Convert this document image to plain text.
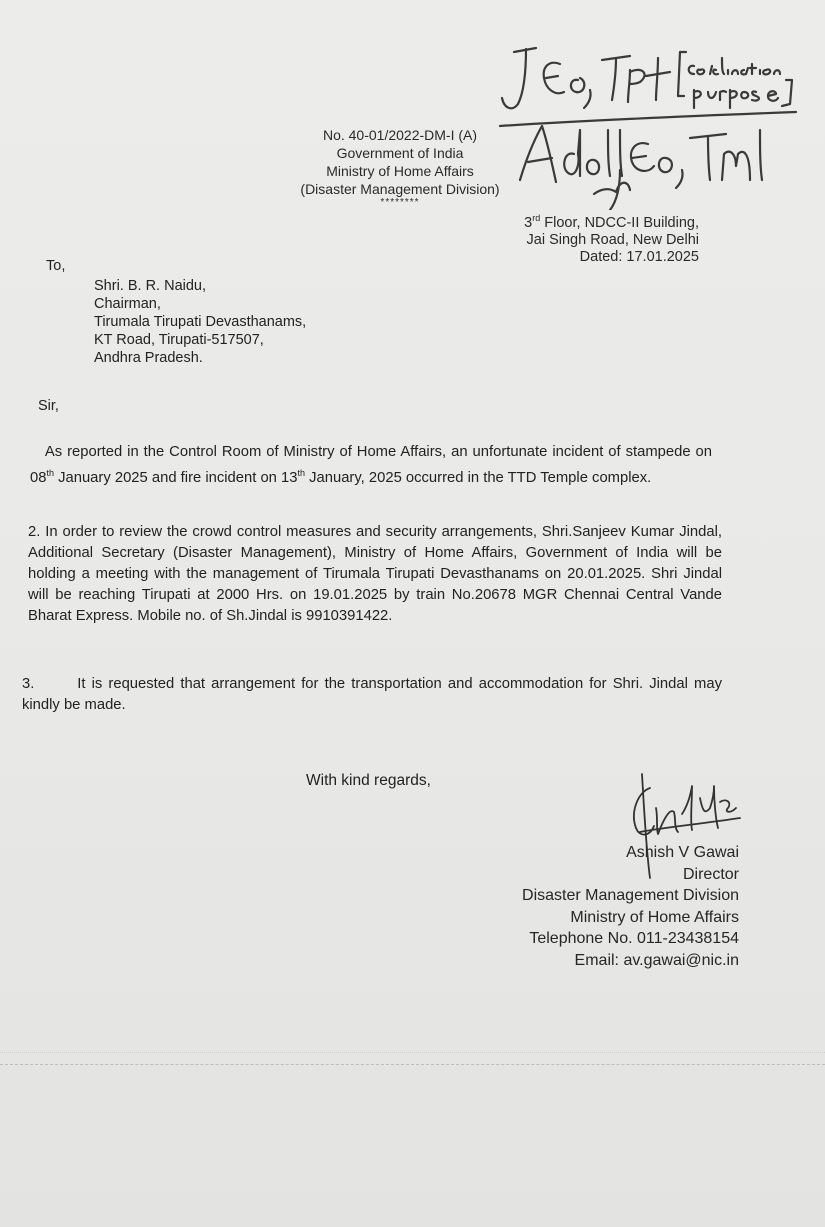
No. 40-01/2022-DM-I (A)
Government of India
Ministry of Home Affairs
(Disaster Management Division)
********
3rd Floor, NDCC-II Building,
Jai Singh Road, New Delhi
Dated: 17.01.2025
To,
Shri. B. R. Naidu,
Chairman,
Tirumala Tirupati Devasthanams,
KT Road, Tirupati-517507,
Andhra Pradesh.
Sir,
As reported in the Control Room of Ministry of Home Affairs, an unfortunate incident of stampede on 08th January 2025 and fire incident on 13th January, 2025 occurred in the TTD Temple complex.
2. In order to review the crowd control measures and security arrangements, Shri.Sanjeev Kumar Jindal, Additional Secretary (Disaster Management), Ministry of Home Affairs, Government of India will be holding a meeting with the management of Tirumala Tirupati Devasthanams on 20.01.2025. Shri Jindal will be reaching Tirupati at 2000 Hrs. on 19.01.2025 by train No.20678 MGR Chennai Central Vande Bharat Express. Mobile no. of Sh.Jindal is 9910391422.
3.	It is requested that arrangement for the transportation and accommodation for Shri. Jindal may kindly be made.
With kind regards,
Ashish V Gawai
Director
Disaster Management Division
Ministry of Home Affairs
Telephone No. 011-23438154
Email: av.gawai@nic.in
